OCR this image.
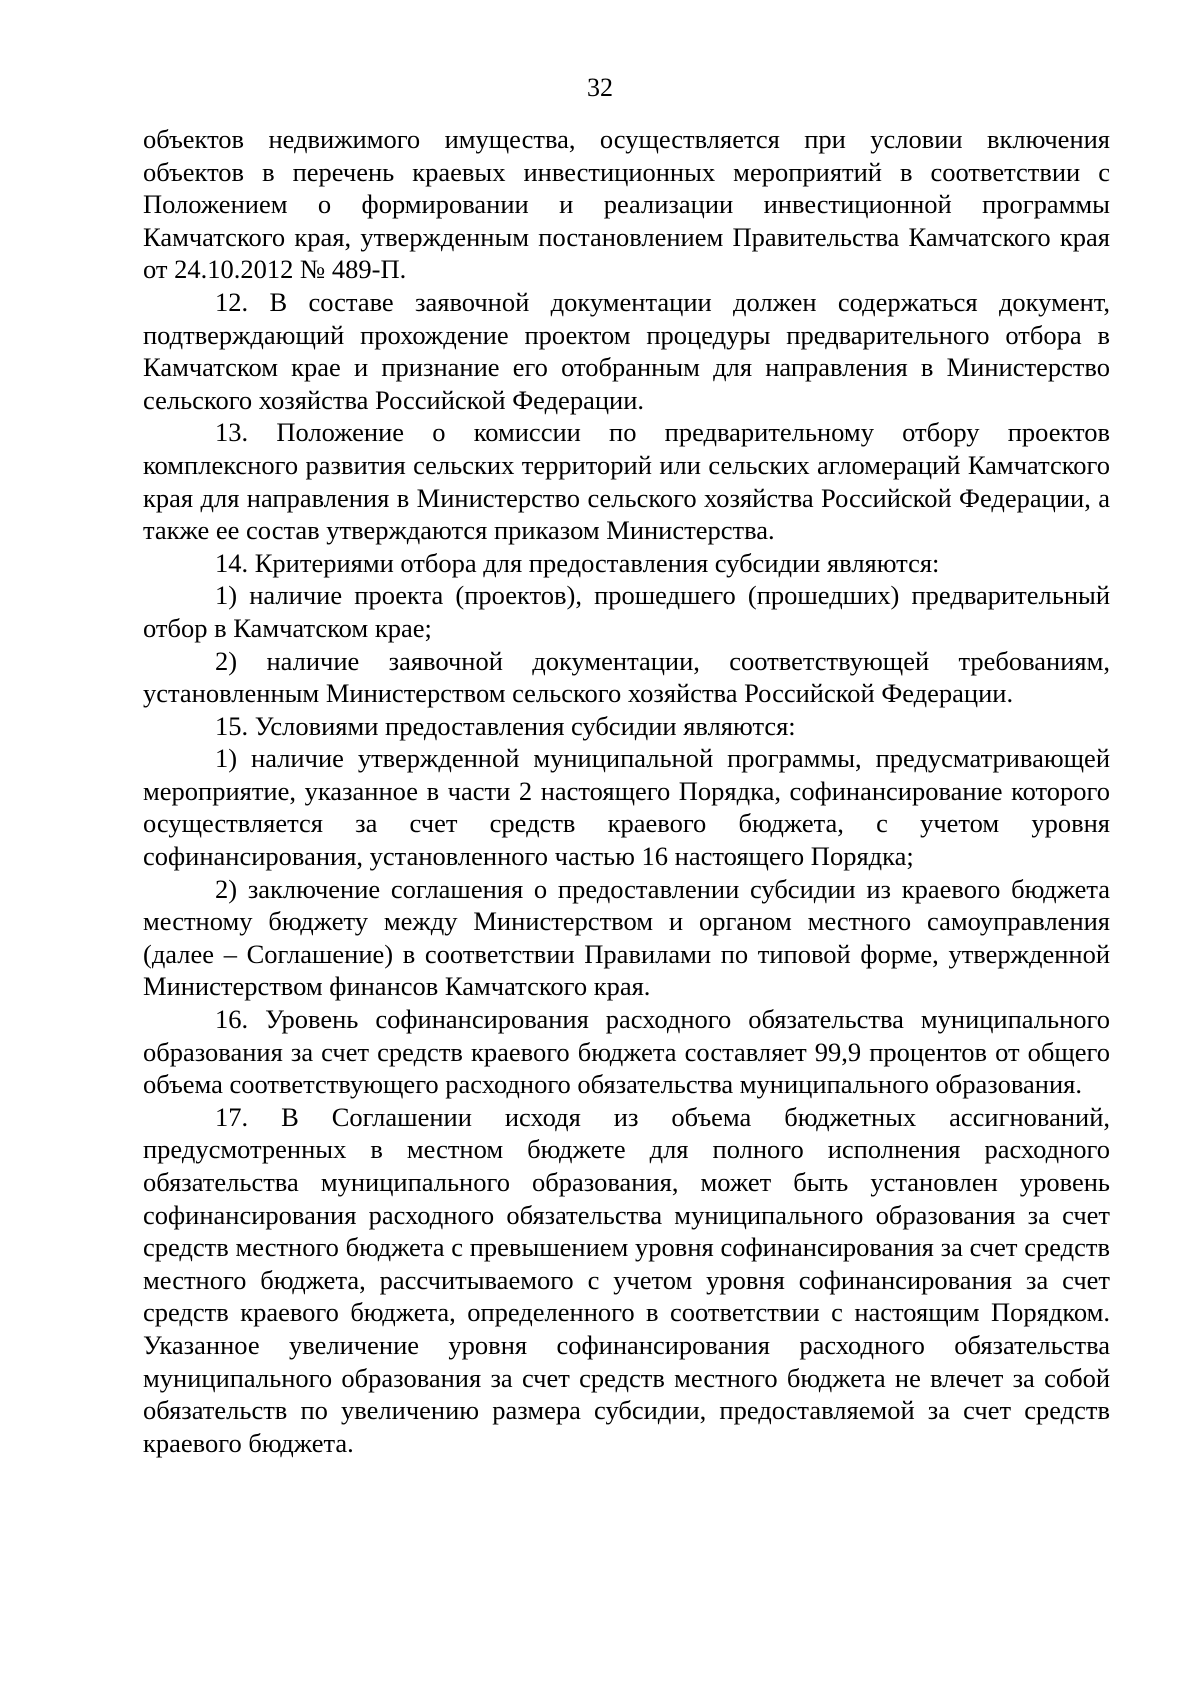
32

объектов недвижимого имущества, осуществляется при условии включения объектов в перечень краевых инвестиционных мероприятий в соответствии с Положением о формировании и реализации инвестиционной программы Камчатского края, утвержденным постановлением Правительства Камчатского края от 24.10.2012 № 489-П.

12. В составе заявочной документации должен содержаться документ, подтверждающий прохождение проектом процедуры предварительного отбора в Камчатском крае и признание его отобранным для направления в Министерство сельского хозяйства Российской Федерации.

13. Положение о комиссии по предварительному отбору проектов комплексного развития сельских территорий или сельских агломераций Камчатского края для направления в Министерство сельского хозяйства Российской Федерации, а также ее состав утверждаются приказом Министерства.

14. Критериями отбора для предоставления субсидии являются:

1) наличие проекта (проектов), прошедшего (прошедших) предварительный отбор в Камчатском крае;

2) наличие заявочной документации, соответствующей требованиям, установленным Министерством сельского хозяйства Российской Федерации.

15. Условиями предоставления субсидии являются:

1) наличие утвержденной муниципальной программы, предусматривающей мероприятие, указанное в части 2 настоящего Порядка, софинансирование которого осуществляется за счет средств краевого бюджета, с учетом уровня софинансирования, установленного частью 16 настоящего Порядка;

2) заключение соглашения о предоставлении субсидии из краевого бюджета местному бюджету между Министерством и органом местного самоуправления (далее – Соглашение) в соответствии Правилами по типовой форме, утвержденной Министерством финансов Камчатского края.

16. Уровень софинансирования расходного обязательства муниципального образования за счет средств краевого бюджета составляет 99,9 процентов от общего объема соответствующего расходного обязательства муниципального образования.

17. В Соглашении исходя из объема бюджетных ассигнований, предусмотренных в местном бюджете для полного исполнения расходного обязательства муниципального образования, может быть установлен уровень софинансирования расходного обязательства муниципального образования за счет средств местного бюджета с превышением уровня софинансирования за счет средств местного бюджета, рассчитываемого с учетом уровня софинансирования за счет средств краевого бюджета, определенного в соответствии с настоящим Порядком. Указанное увеличение уровня софинансирования расходного обязательства муниципального образования за счет средств местного бюджета не влечет за собой обязательств по увеличению размера субсидии, предоставляемой за счет средств краевого бюджета.
